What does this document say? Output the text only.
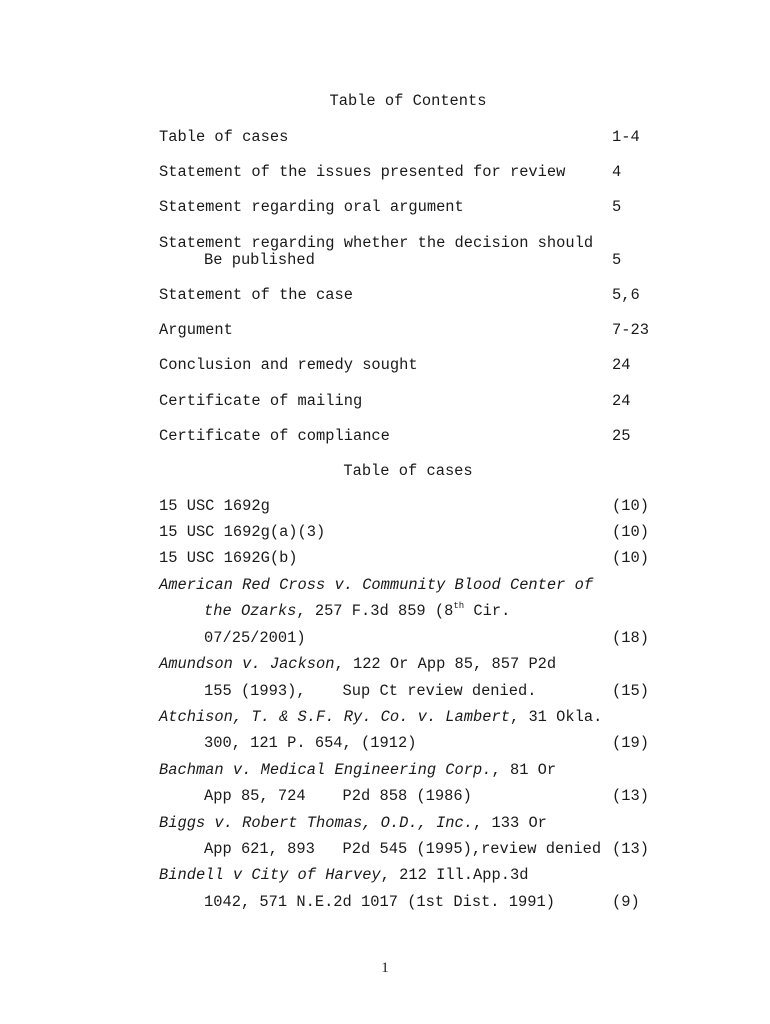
Table of Contents
Table of cases	1-4
Statement of the issues presented for review	4
Statement regarding oral argument	5
Statement regarding whether the decision should
Be published	5
Statement of the case	5,6
Argument	7-23
Conclusion and remedy sought	24
Certificate of mailing	24
Certificate of compliance	25
Table of cases
15 USC 1692g	(10)
15 USC 1692g(a)(3)	(10)
15 USC 1692G(b)	(10)
American Red Cross v. Community Blood Center of
the Ozarks, 257 F.3d 859 (8th Cir.
07/25/2001)	(18)
Amundson v. Jackson, 122 Or App 85, 857 P2d
155 (1993),    Sup Ct review denied.	(15)
Atchison, T. & S.F. Ry. Co. v. Lambert, 31 Okla.
300, 121 P. 654, (1912)	(19)
Bachman v. Medical Engineering Corp., 81 Or
App 85, 724    P2d 858 (1986)	(13)
Biggs v. Robert Thomas, O.D., Inc., 133 Or
App 621, 893   P2d 545 (1995),review denied (13)
Bindell v City of Harvey, 212 Ill.App.3d
1042, 571 N.E.2d 1017 (1st Dist. 1991)	(9)
1
